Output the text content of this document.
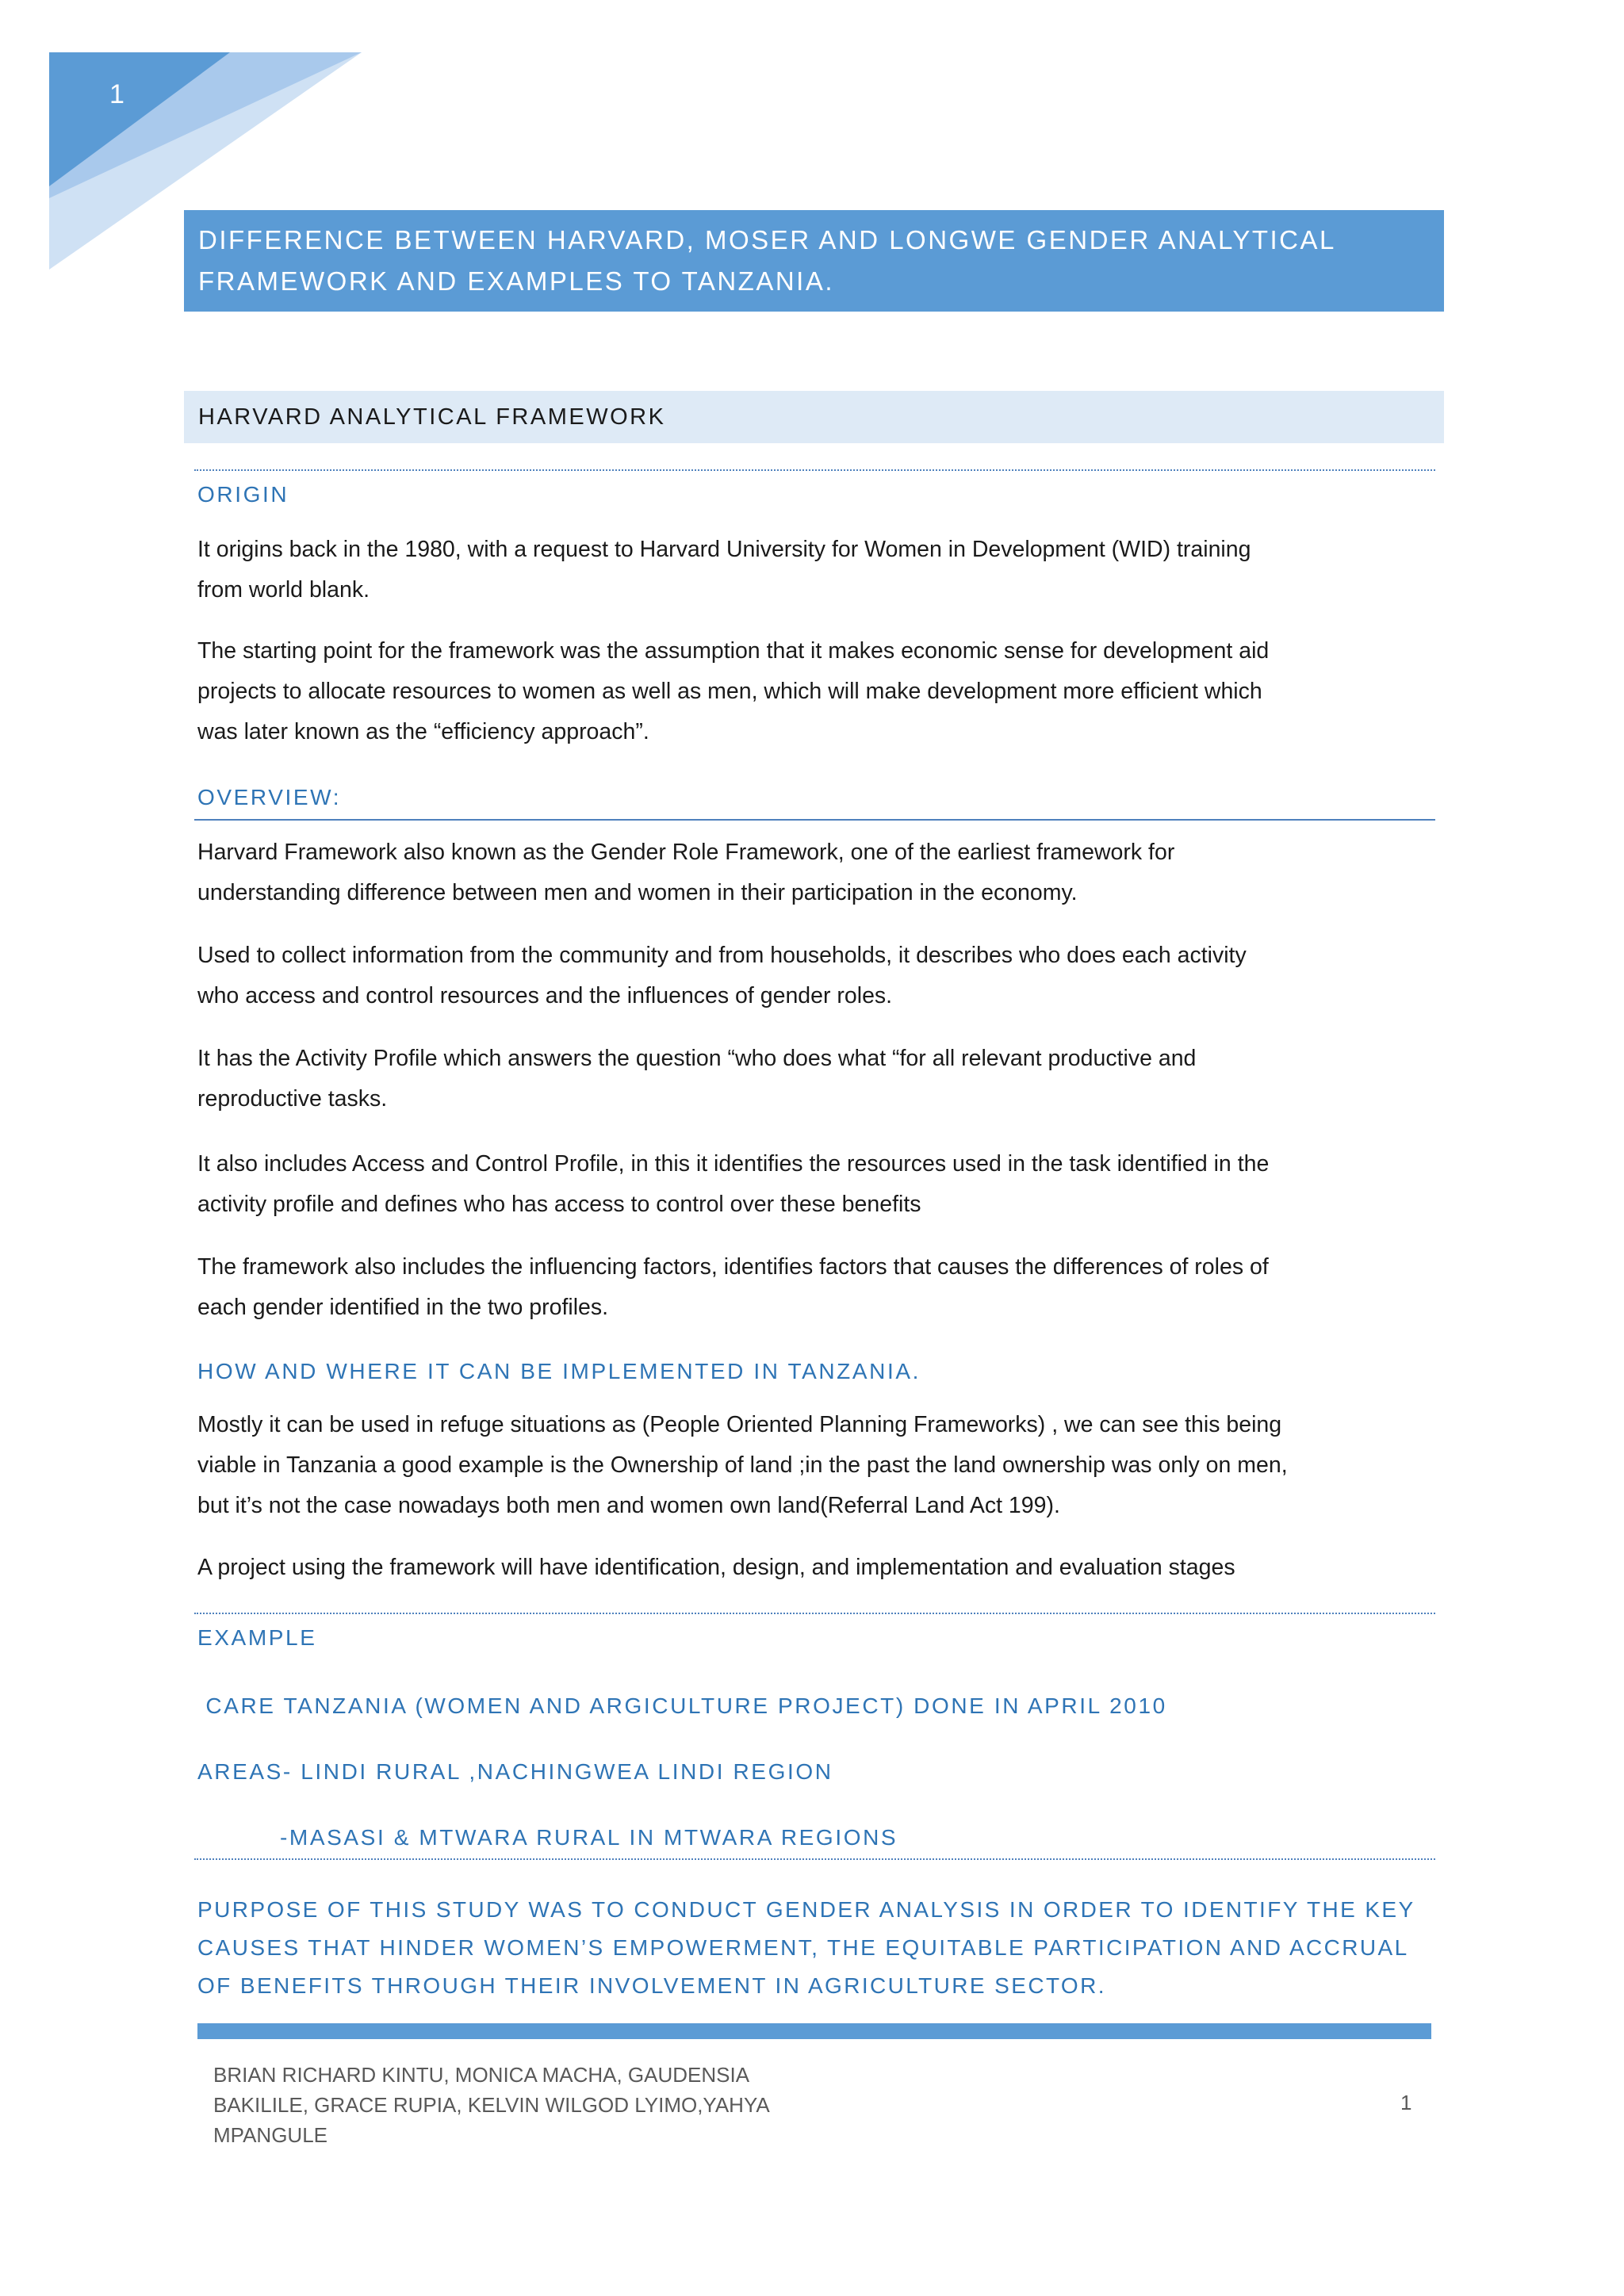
1
DIFFERENCE BETWEEN HARVARD, MOSER AND LONGWE GENDER ANALYTICAL
FRAMEWORK AND EXAMPLES TO TANZANIA.
HARVARD ANALYTICAL FRAMEWORK
ORIGIN
It origins back in the 1980, with a request to Harvard University for Women in Development (WID) training
from world blank.
The starting point for the framework was the assumption that it makes economic sense for development aid
projects to allocate resources to women as well as men, which will make development more efficient which
was later known as the “efficiency approach”.
OVERVIEW:
Harvard Framework also known as the Gender Role Framework, one of the earliest framework for
understanding difference between men and women in their participation in the economy.
Used to collect information from the community and from households, it describes who does each activity
who access and control resources and the influences of gender roles.
It has the Activity Profile which answers the question “who does what “for all relevant productive and
reproductive tasks.
It also includes Access and Control Profile, in this it identifies the resources used in the task identified in the
activity profile and defines who has access to control over these benefits
The framework also includes the influencing factors, identifies factors that causes the differences of roles of
each gender identified in the two profiles.
HOW AND WHERE IT CAN BE IMPLEMENTED IN TANZANIA.
Mostly it can be used in refuge situations as (People Oriented Planning Frameworks) , we can see this being
viable in Tanzania a good example is the Ownership of land ;in the past the land ownership was only on men,
but it’s not the case nowadays both men and women own land(Referral Land Act 199).
A project using the framework will have identification, design, and implementation and evaluation stages
EXAMPLE
CARE TANZANIA (WOMEN AND ARGICULTURE PROJECT) DONE IN APRIL 2010
AREAS- LINDI RURAL ,NACHINGWEA LINDI REGION
-MASASI & MTWARA RURAL IN MTWARA REGIONS
PURPOSE OF THIS STUDY WAS TO CONDUCT GENDER ANALYSIS IN ORDER TO IDENTIFY THE KEY
CAUSES THAT HINDER WOMEN’S EMPOWERMENT, THE EQUITABLE PARTICIPATION AND ACCRUAL
OF BENEFITS THROUGH THEIR INVOLVEMENT IN AGRICULTURE SECTOR.
BRIAN RICHARD KINTU, MONICA MACHA, GAUDENSIA
BAKILILE, GRACE RUPIA, KELVIN WILGOD LYIMO,YAHYA
MPANGULE
1
